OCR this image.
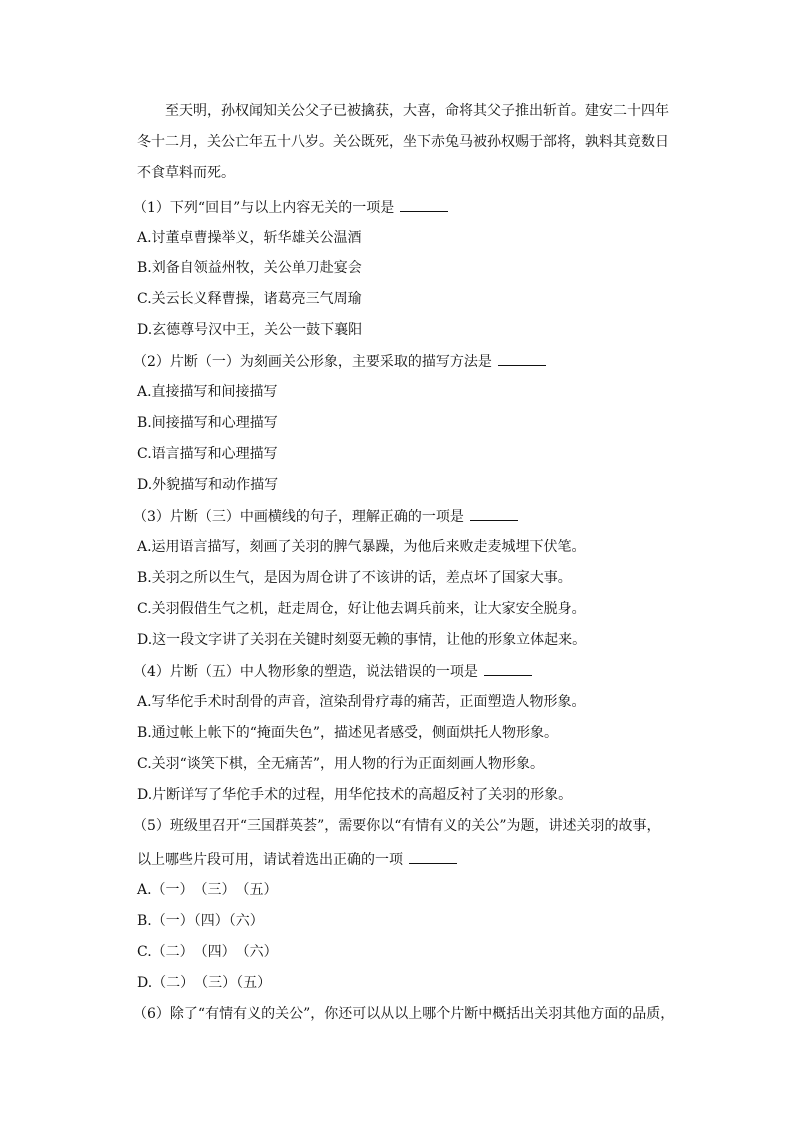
至天明，孙权闻知关公父子已被擒获，大喜，命将其父子推出斩首。建安二十四年
冬十二月，关公亡年五十八岁。关公既死，坐下赤兔马被孙权赐于部将，孰料其竟数日
不食草料而死。
（1）下列“回目”与以上内容无关的一项是
A.讨董卓曹操举义，斩华雄关公温酒
B.刘备自领益州牧，关公单刀赴宴会
C.关云长义释曹操，诸葛亮三气周瑜
D.玄德尊号汉中王，关公一鼓下襄阳
（2）片断（一）为刻画关公形象，主要采取的描写方法是
A.直接描写和间接描写
B.间接描写和心理描写
C.语言描写和心理描写
D.外貌描写和动作描写
（3）片断（三）中画横线的句子，理解正确的一项是
A.运用语言描写，刻画了关羽的脾气暴躁，为他后来败走麦城埋下伏笔。
B.关羽之所以生气，是因为周仓讲了不该讲的话，差点坏了国家大事。
C.关羽假借生气之机，赶走周仓，好让他去调兵前来，让大家安全脱身。
D.这一段文字讲了关羽在关键时刻耍无赖的事情，让他的形象立体起来。
（4）片断（五）中人物形象的塑造，说法错误的一项是
A.写华佗手术时刮骨的声音，渲染刮骨疗毒的痛苦，正面塑造人物形象。
B.通过帐上帐下的“掩面失色”，描述见者感受，侧面烘托人物形象。
C.关羽“谈笑下棋，全无痛苦”，用人物的行为正面刻画人物形象。
D.片断详写了华佗手术的过程，用华佗技术的高超反衬了关羽的形象。
（5）班级里召开“三国群英荟”，需要你以“有情有义的关公”为题，讲述关羽的故事，
以上哪些片段可用，请试着选出正确的一项
A.（一）　（三）　（五）
B.（一）（四）（六）
C.（二）　（四）　（六）
D.（二）　（三）（五）
（6）除了“有情有义的关公”，你还可以从以上哪个片断中概括出关羽其他方面的品质，
